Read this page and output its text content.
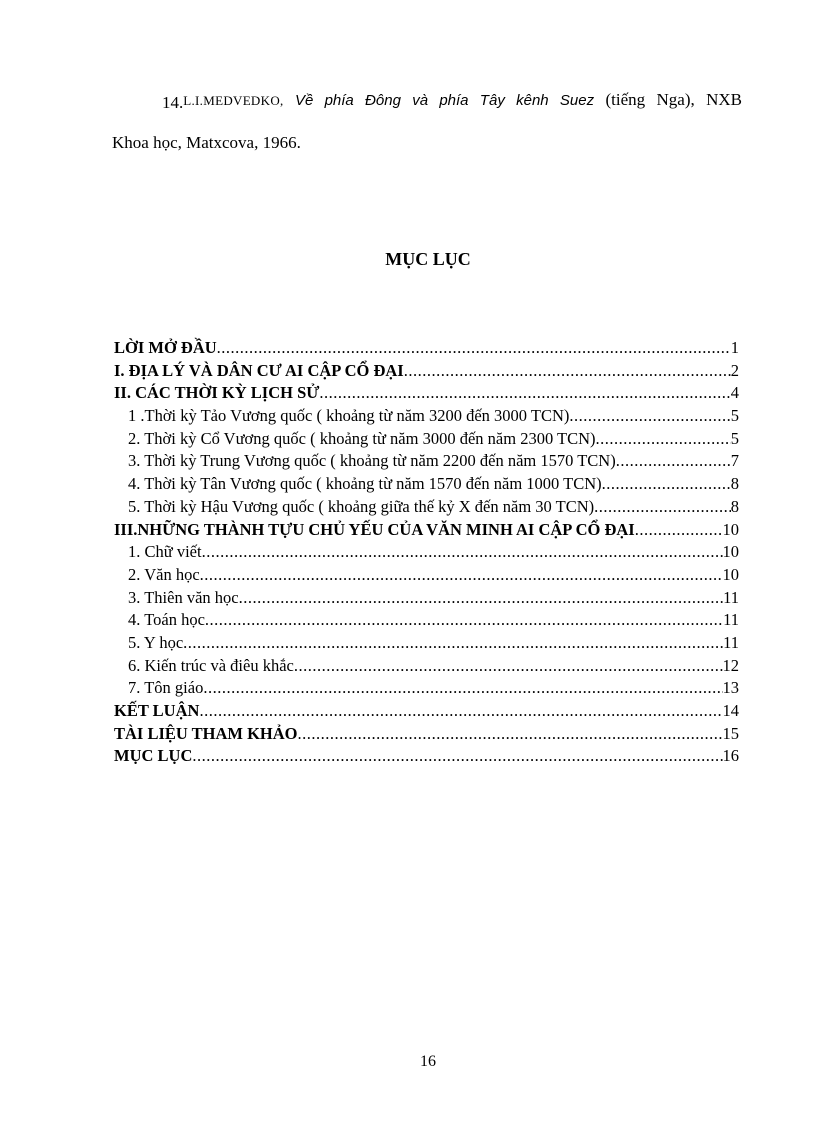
14.L.I.MEDVEDKO, Về phía Đông và phía Tây kênh Suez (tiếng Nga), NXB

Khoa học, Matxcova, 1966.

MỤC LỤC
LỜI MỞ ĐẦU .....	1
I. ĐỊA LÝ VÀ DÂN CƯ AI CẬP CỔ ĐẠI .....	2
II. CÁC THỜI KỲ LỊCH SỬ .....	4
1 .Thời kỳ Tảo Vương quốc ( khoảng từ năm 3200 đến 3000 TCN) .....	5
2. Thời kỳ Cổ Vương quốc ( khoảng từ năm 3000 đến năm 2300 TCN) .....	5
3. Thời kỳ Trung Vương quốc ( khoảng từ năm 2200 đến năm 1570 TCN) .....	7
4. Thời kỳ Tân Vương quốc ( khoảng từ năm 1570 đến năm 1000 TCN) .....	8
5. Thời kỳ Hậu Vương quốc ( khoảng giữa thế kỷ X đến năm 30 TCN) .....	8
III.NHỮNG THÀNH TỰU CHỦ YẾU CỦA VĂN MINH AI CẬP CỔ ĐẠI .....	10
1. Chữ viết .....	10
2. Văn học .....	10
3. Thiên văn học .....	11
4. Toán học .....	11
5. Y học .....	11
6. Kiến trúc và điêu khắc .....	12
7. Tôn giáo .....	13
KẾT LUẬN .....	14
TÀI LIỆU THAM KHẢO .....	15
MỤC LỤC .....	16
16
